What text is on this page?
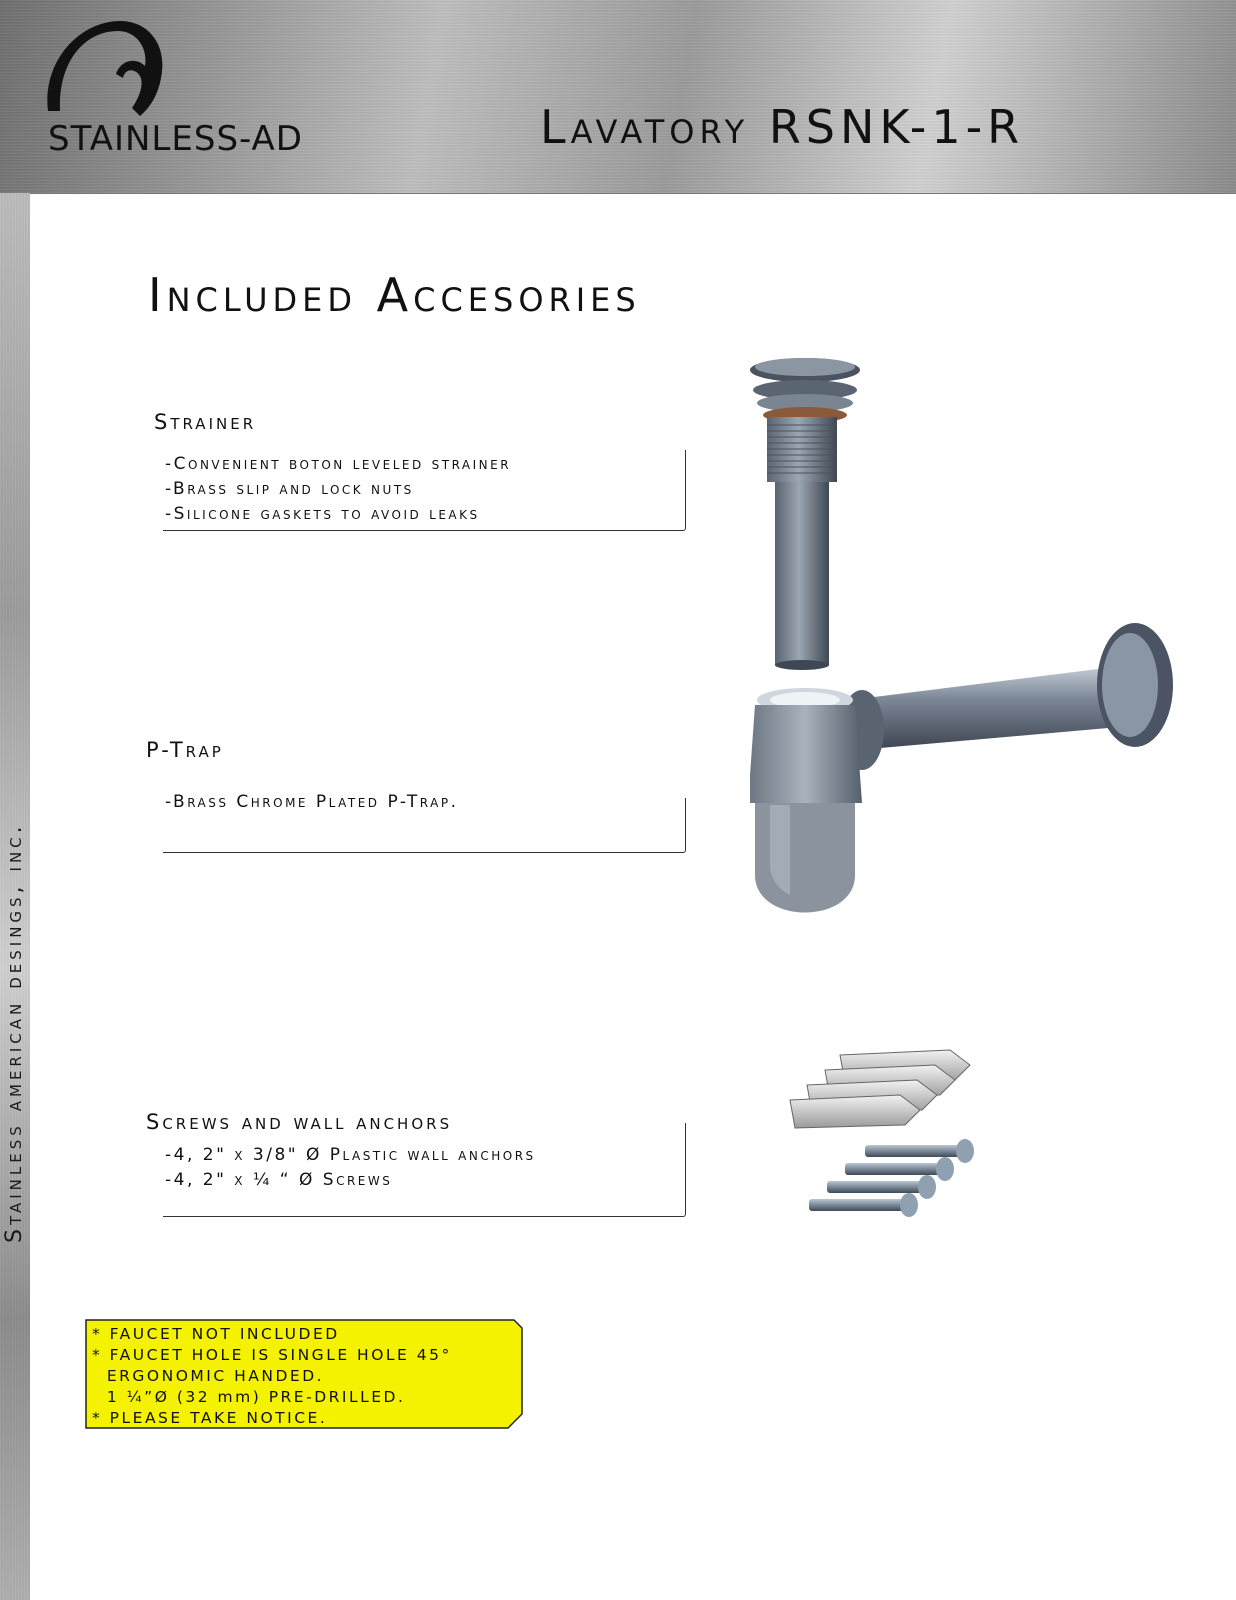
STAINLESS-AD	Lavatory RSNK-1-R
Stainless american desings, inc.
Included Accesories
Strainer
-Convenient boton leveled strainer
-Brass slip and lock nuts
-Silicone gaskets to avoid leaks
P-Trap
-Brass Chrome Plated P-Trap.
Screws and wall anchors
-4, 2" x 3/8" Ø Plastic wall anchors
-4, 2" x ¼ “ Ø Screws
* FAUCET NOT INCLUDED
* FAUCET HOLE IS SINGLE HOLE 45°
ERGONOMIC HANDED.
1 ¼”Ø (32 mm) PRE-DRILLED.
* PLEASE TAKE NOTICE.
